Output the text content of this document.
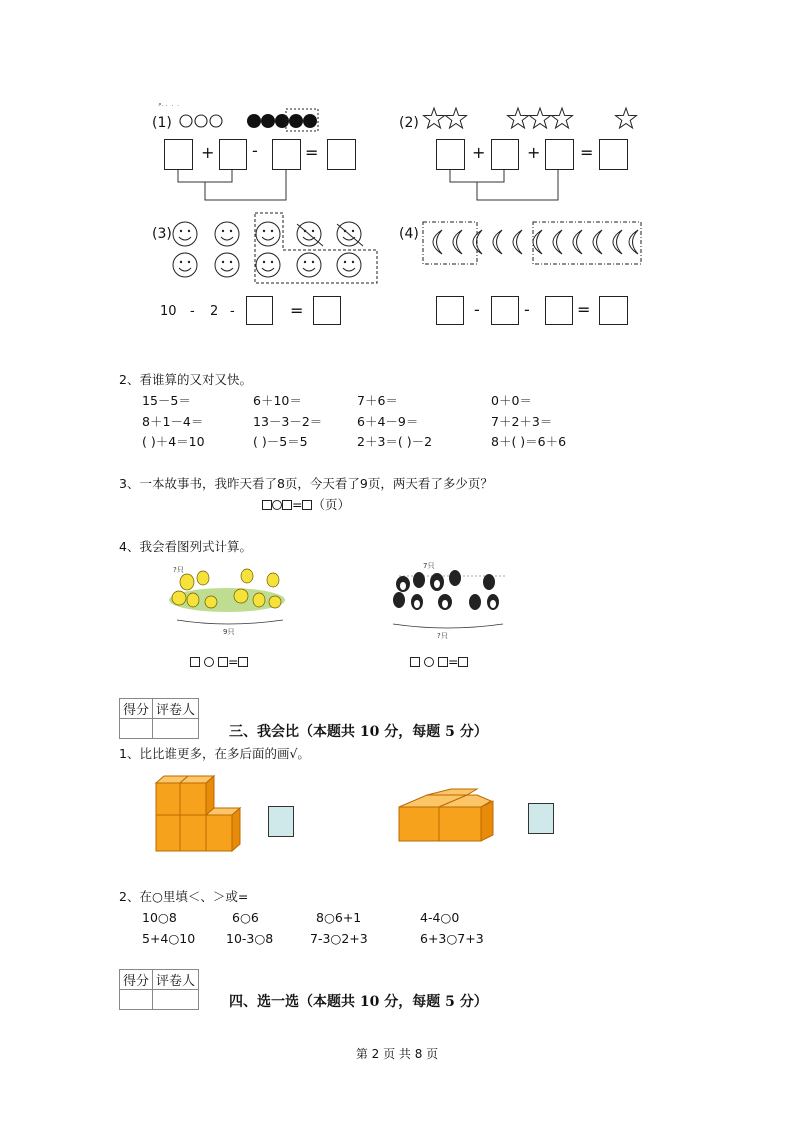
(1)
. . .  .  .
+ -	=
(2)
+	+ =
(3)
10 - 2 -	=
(4)
-	-	=
2、看谁算的又对又快。
15－5＝	6＋10＝	7＋6＝	0＋0＝
8＋1－4＝	13－3－2＝	6＋4－9＝	7＋2＋3＝
( )＋4＝10	( )－5＝5	2＋3＝( )－2	8＋( )＝6＋6
3、一本故事书，我昨天看了8页，今天看了9页，两天看了多少页？
= （页）
4、我会看图列式计算。
?只
9只
=
7只
?只
=
得分	评卷人

三、我会比（本题共 10 分，每题 5 分）
1、比比谁更多，在多后面的画√。
2、在○里填＜、＞或=
10○8	6○6	8○6+1	4-4○0
5+4○10 10-3○8	7-3○2+3	6+3○7+3
得分	评卷人

四、选一选（本题共 10 分，每题 5 分）
第 2 页 共 8 页
